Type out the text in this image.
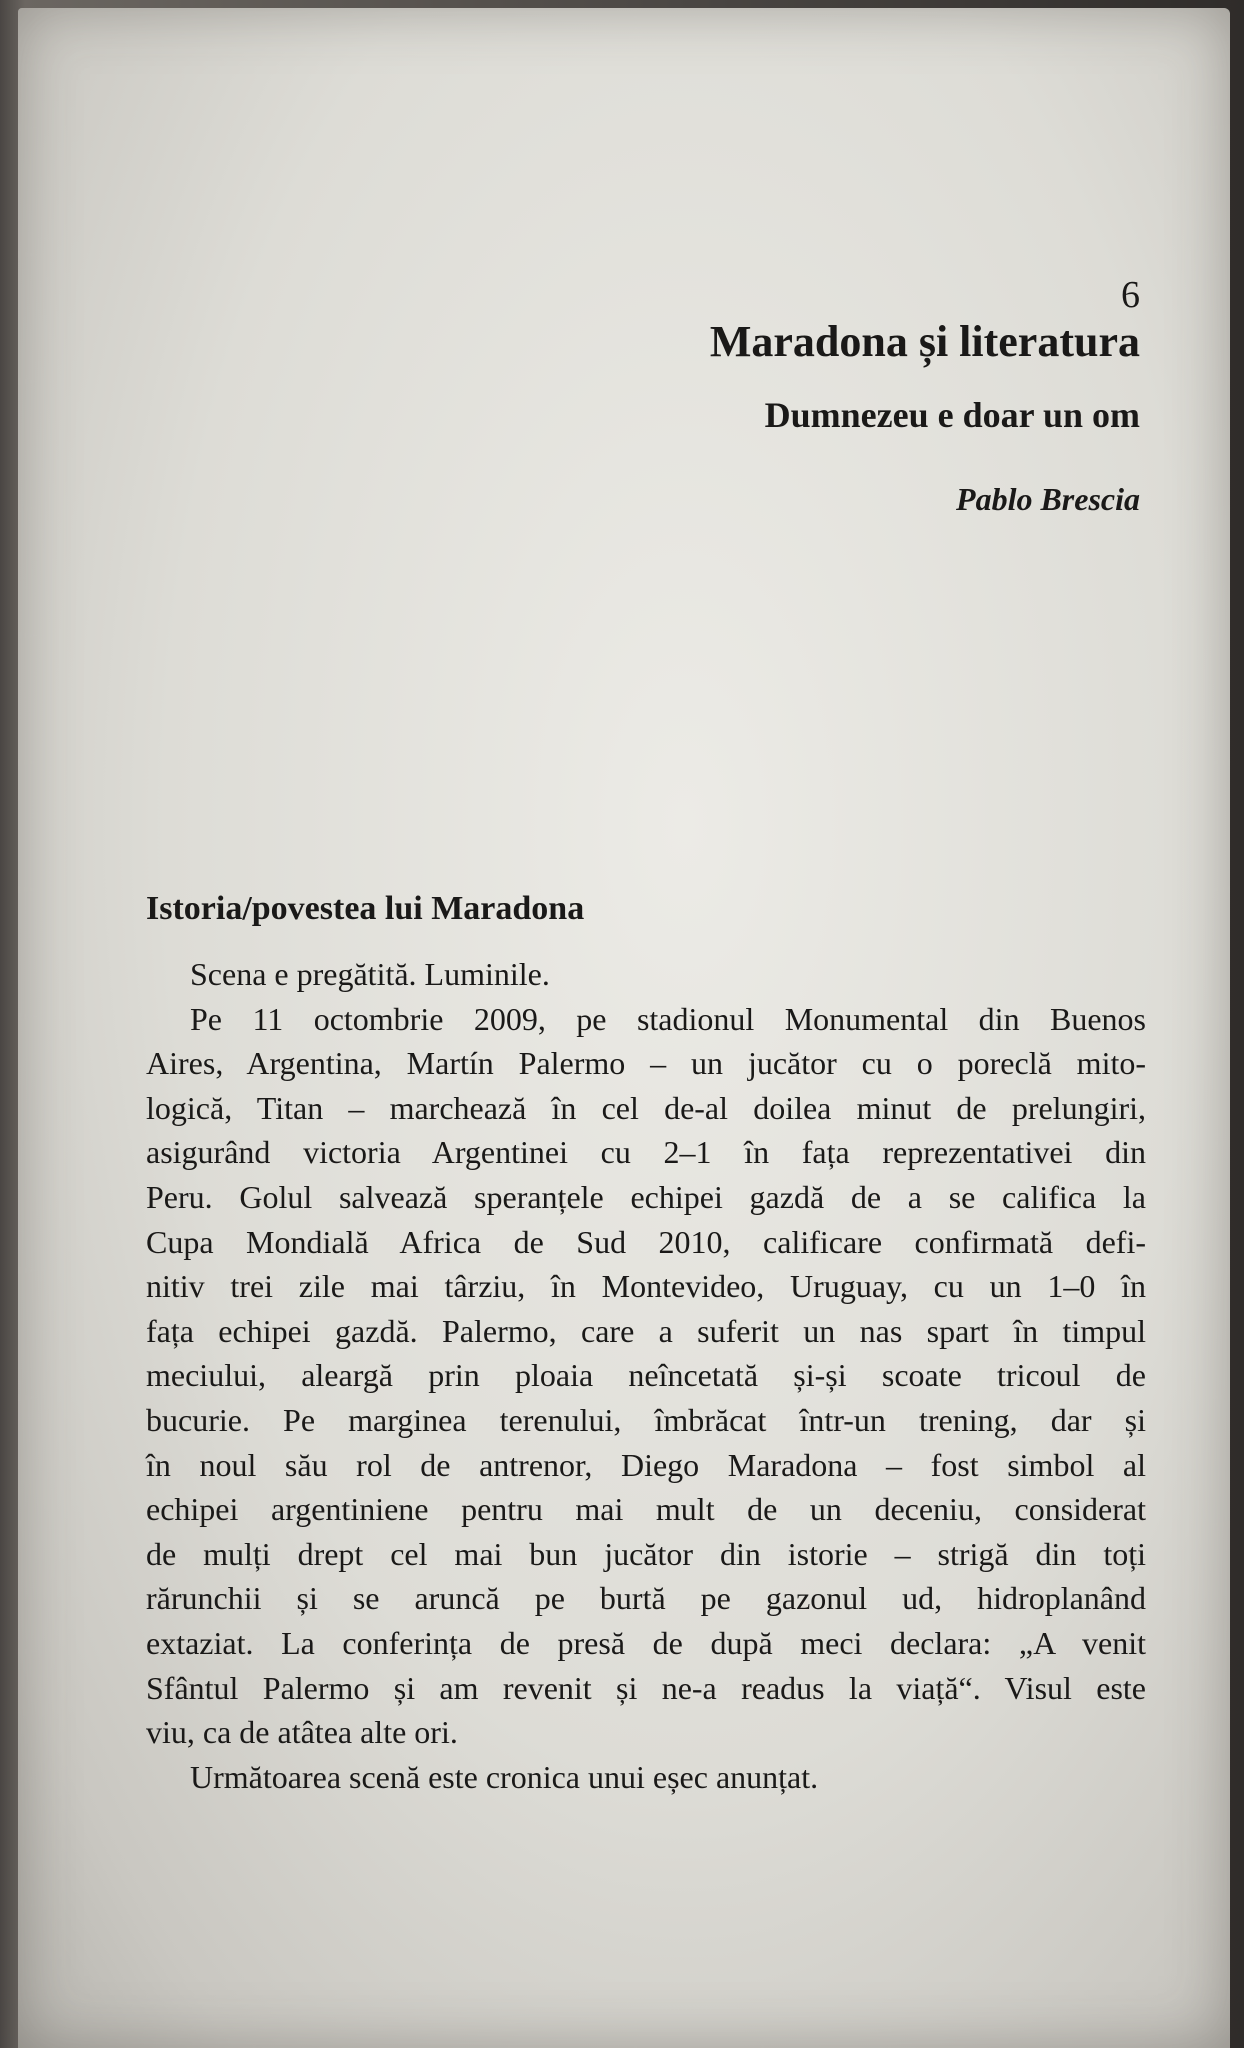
6
Maradona și literatura
Dumnezeu e doar un om
Pablo Brescia
Istoria/povestea lui Maradona
Scena e pregătită. Luminile.
Pe 11 octombrie 2009, pe stadionul Monumental din Buenos
Aires, Argentina, Martín Palermo – un jucător cu o poreclă mito-
logică, Titan – marchează în cel de-al doilea minut de prelungiri,
asigurând victoria Argentinei cu 2–1 în fața reprezentativei din
Peru. Golul salvează speranțele echipei gazdă de a se califica la
Cupa Mondială Africa de Sud 2010, calificare confirmată defi-
nitiv trei zile mai târziu, în Montevideo, Uruguay, cu un 1–0 în
fața echipei gazdă. Palermo, care a suferit un nas spart în timpul
meciului, aleargă prin ploaia neîncetată și-și scoate tricoul de
bucurie. Pe marginea terenului, îmbrăcat într-un trening, dar și
în noul său rol de antrenor, Diego Maradona – fost simbol al
echipei argentiniene pentru mai mult de un deceniu, considerat
de mulți drept cel mai bun jucător din istorie – strigă din toți
rărunchii și se aruncă pe burtă pe gazonul ud, hidroplanând
extaziat. La conferința de presă de după meci declara: „A venit
Sfântul Palermo și am revenit și ne-a readus la viață“. Visul este
viu, ca de atâtea alte ori.
Următoarea scenă este cronica unui eșec anunțat.
